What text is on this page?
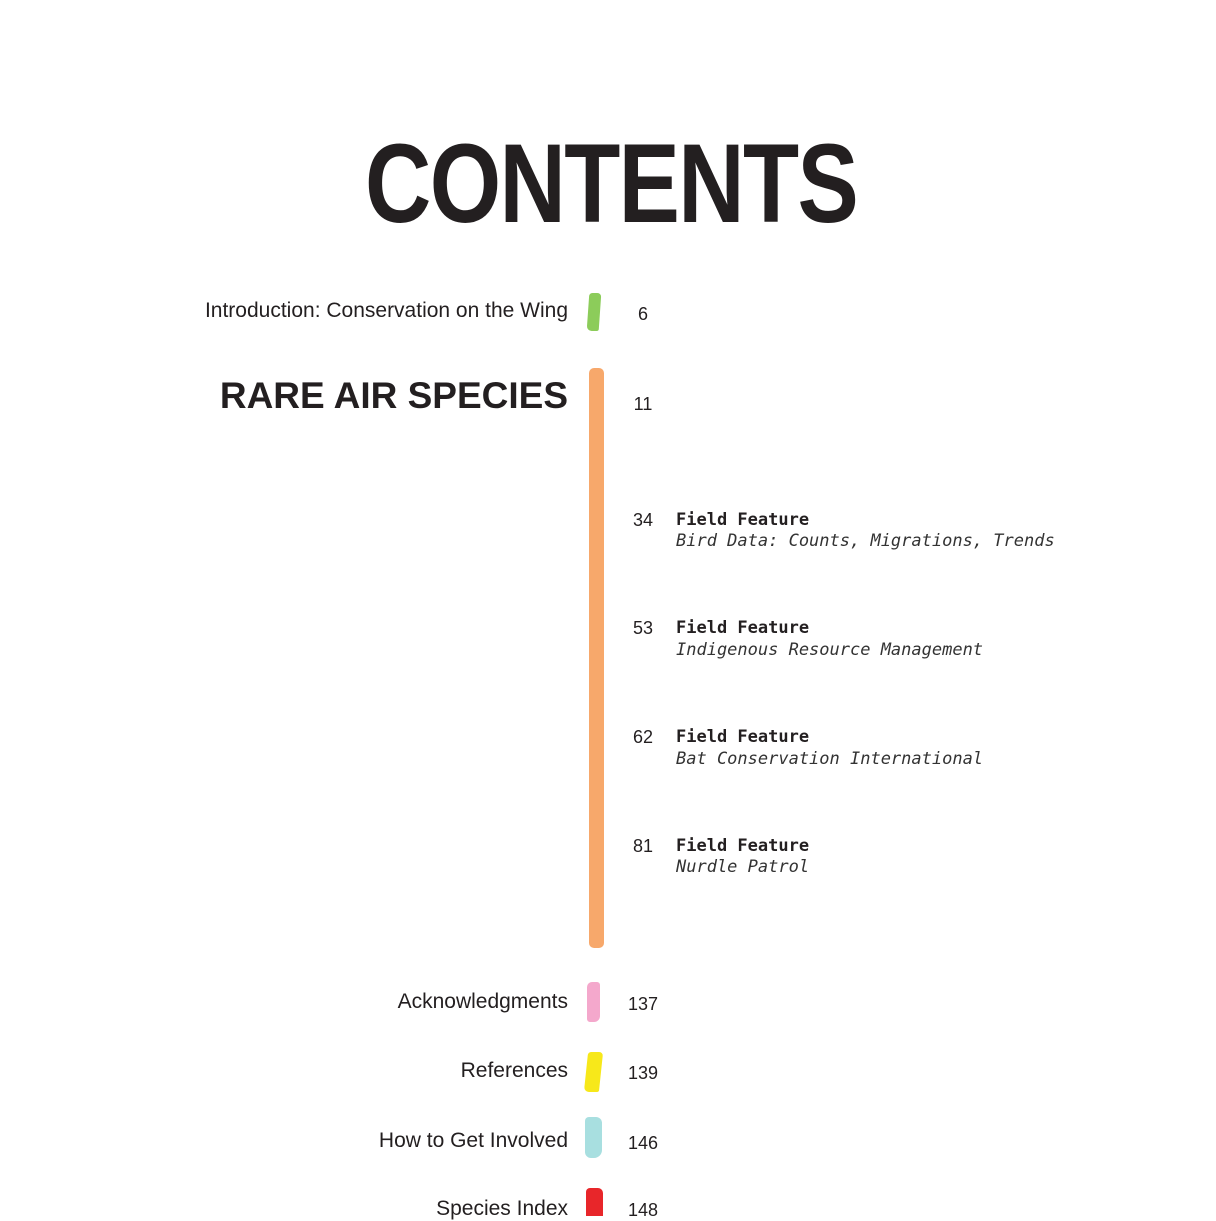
CONTENTS
Introduction: Conservation on the Wing	6
RARE AIR SPECIES	11
34	Field Feature
Bird Data: Counts, Migrations, Trends
53	Field Feature
Indigenous Resource Management
62	Field Feature
Bat Conservation International
81	Field Feature
Nurdle Patrol
Acknowledgments	137
References	139
How to Get Involved	146
Species Index	148
